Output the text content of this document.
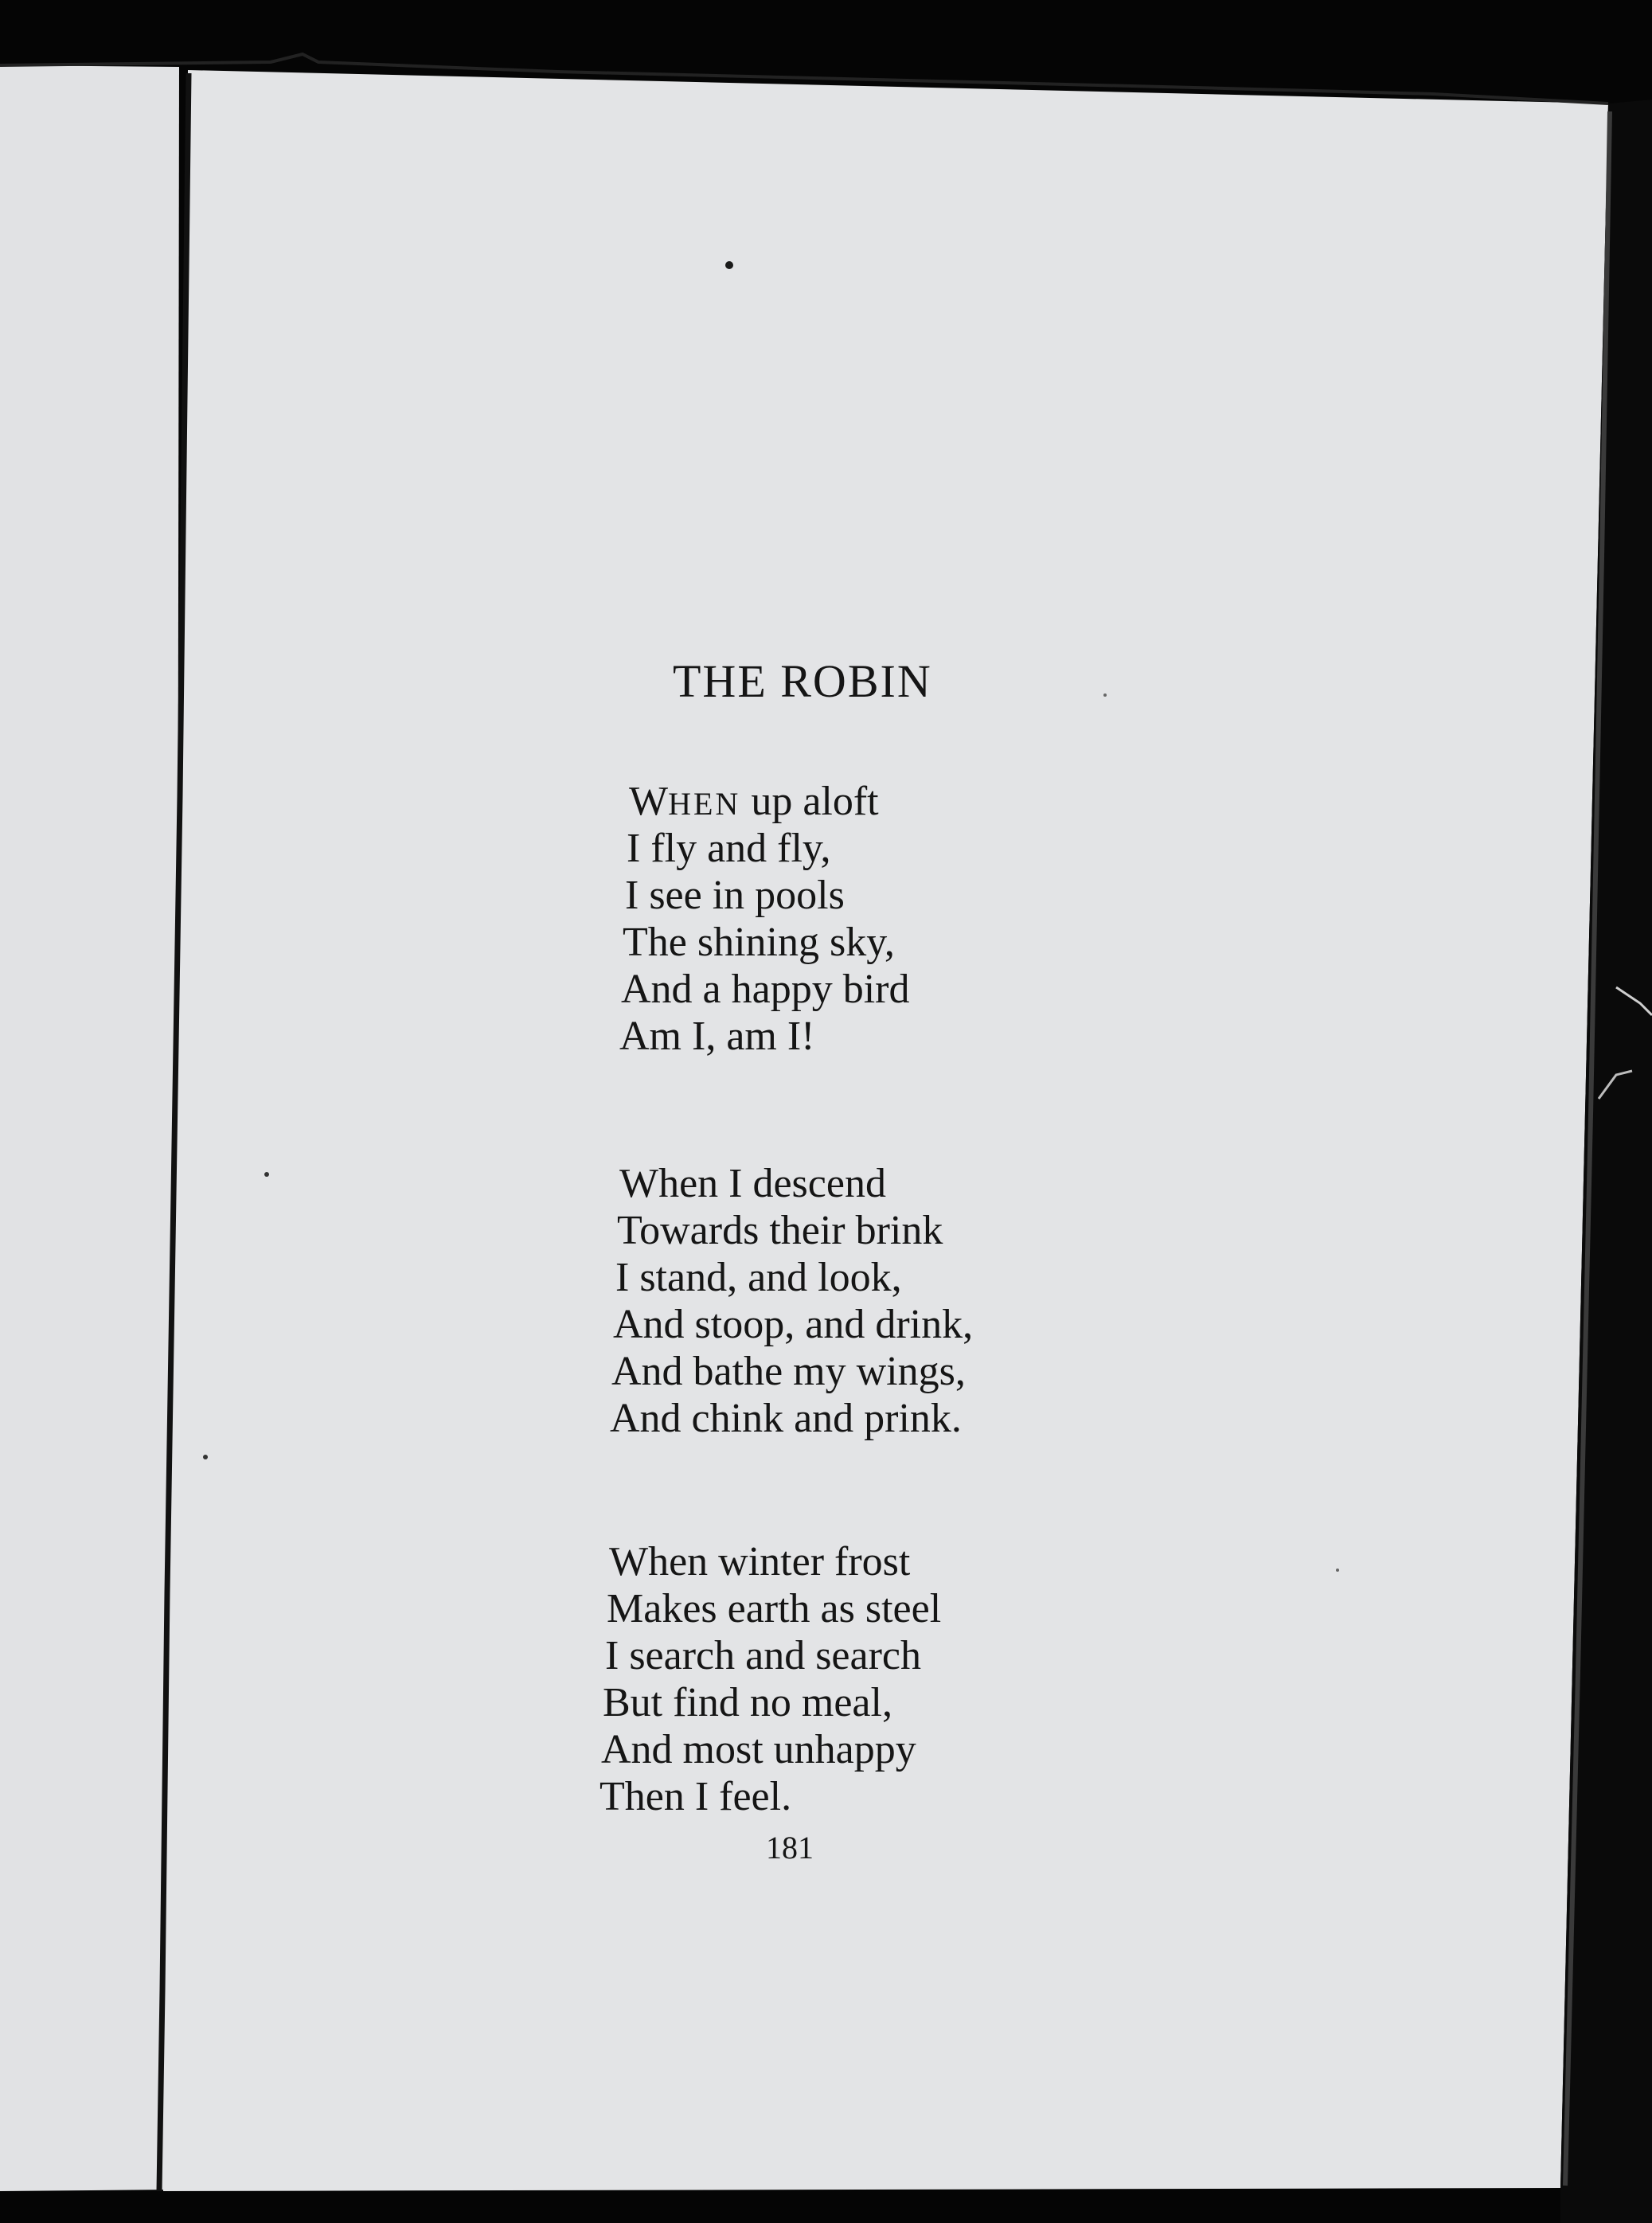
THE ROBIN
WHEN up aloft
I fly and fly,
I see in pools
The shining sky,
And a happy bird
Am I, am I!
When I descend
Towards their brink
I stand, and look,
And stoop, and drink,
And bathe my wings,
And chink and prink.
When winter frost
Makes earth as steel
I search and search
But find no meal,
And most unhappy
Then I feel.
181
